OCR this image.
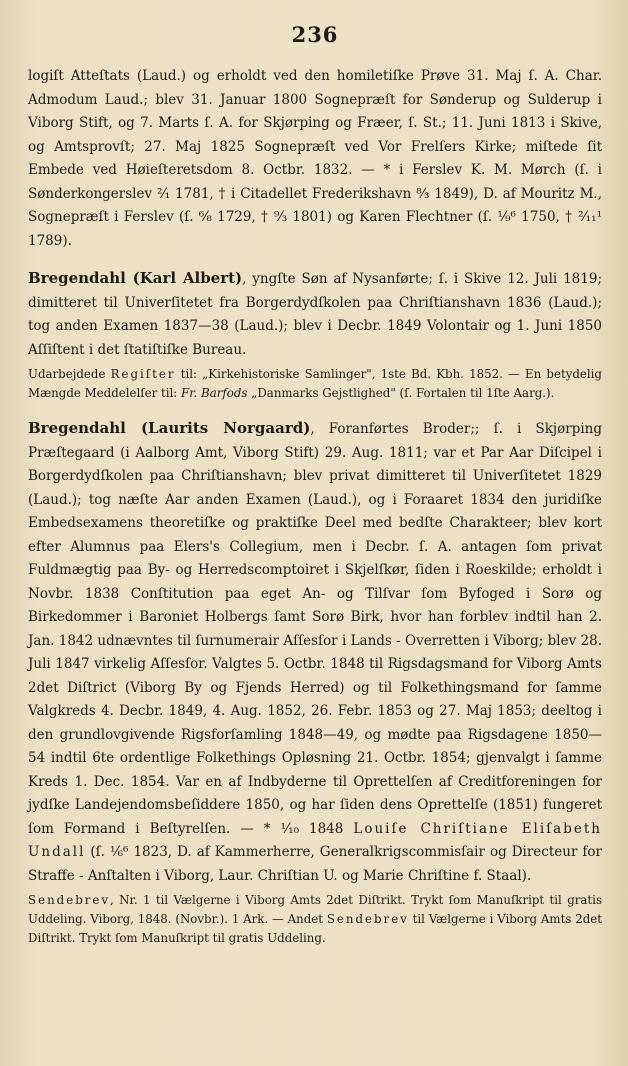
236

logiſt Atteſtats (Laud.) og erholdt ved den homiletiſke Prøve 31. Maj ſ. A. Char. Admodum Laud.; blev 31. Januar 1800 Sognepræſt for Sønderup og Sulderup i Viborg Stift, og 7. Marts ſ. A. for Skjørping og Fræer, ſ. St.; 11. Juni 1813 i Skive, og Amtsprovſt; 27. Maj 1825 Sognepræſt ved Vor Frelſers Kirke; miſtede ſit Embede ved Høieſteretsdom 8. Octbr. 1832. — * i Ferslev K. M. Mørch (ſ. i Sønderkongerslev ²⁄₁ 1781, † i Citadellet Frederikshavn ⁸⁄₃ 1849), D. af Mouritz M., Sognepræſt i Ferslev (ſ. ⁶⁄₈ 1729, † ⁹⁄₃ 1801) og Karen Flechtner (ſ. ¹⁄₉⁶ 1750, † ²⁄₁₁¹ 1789).

Bregendahl (Karl Albert), yngſte Søn af Nysanførte; ſ. i Skive 12. Juli 1819; dimitteret til Univerſitetet fra Borgerdydſkolen paa Chriſtianshavn 1836 (Laud.); tog anden Examen 1837—38 (Laud.); blev i Decbr. 1849 Volontair og 1. Juni 1850 Aſſiſtent i det ſtatiſtiſke Bureau.

Udarbejdede Regiſter til: „Kirkehistoriske Samlinger", 1ste Bd. Kbh. 1852. — En betydelig Mængde Meddelelſer til: Fr. Barfods „Danmarks Gejstlighed" (ſ. Fortalen til 1ſte Aarg.).

Bregendahl (Laurits Norgaard), Foranførtes Broder;; ſ. i Skjørping Præſtegaard (i Aalborg Amt, Viborg Stift) 29. Aug. 1811; var et Par Aar Diſcipel i Borgerdydſkolen paa Chriſtianshavn; blev privat dimitteret til Univerſitetet 1829 (Laud.); tog næſte Aar anden Examen (Laud.), og i Foraaret 1834 den juridiſke Embedsexamens theoretiſke og praktiſke Deel med bedſte Charakteer; blev kort efter Alumnus paa Elers's Collegium, men i Decbr. ſ. A. antagen ſom privat Fuldmægtig paa By- og Herredscomptoiret i Skjelſkør, ſiden i Roeskilde; erholdt i Novbr. 1838 Conſtitution paa eget An- og Tilſvar ſom Byfoged i Sorø og Birkedommer i Baroniet Holbergs ſamt Sorø Birk, hvor han forblev indtil han 2. Jan. 1842 udnævntes til ſurnumerair Aſſesſor i Lands - Overretten i Viborg; blev 28. Juli 1847 virkelig Aſſesſor. Valgtes 5. Octbr. 1848 til Rigsdagsmand for Viborg Amts 2det Diſtrict (Viborg By og Fjends Herred) og til Folkethingsmand for ſamme Valgkreds 4. Decbr. 1849, 4. Aug. 1852, 26. Febr. 1853 og 27. Maj 1853; deeltog i den grundlovgivende Rigsforſamling 1848—49, og mødte paa Rigsdagene 1850—54 indtil 6te ordentlige Folkethings Opløsning 21. Octbr. 1854; gjenvalgt i ſamme Kreds 1. Dec. 1854. Var en af Indbyderne til Oprettelſen af Creditforeningen for jydſke Landejendomsbeſiddere 1850, og har ſiden dens Oprettelſe (1851) fungeret ſom Formand i Beſtyrelſen. — * ¹⁄₁₀ 1848 Louiſe Chriſtiane Eliſabeth Undall (ſ. ¹⁄₆⁶ 1823, D. af Kammerherre, Generalkrigscommisſair og Directeur for Straffe - Anſtalten i Viborg, Laur. Chriſtian U. og Marie Chriſtine f. Staal).

Sendebrev, Nr. 1 til Vælgerne i Viborg Amts 2det Diſtrikt. Trykt ſom Manuſkript til gratis Uddeling. Viborg, 1848. (Novbr.). 1 Ark. — Andet Sendebrev til Vælgerne i Viborg Amts 2det Diſtrikt. Trykt ſom Manuſkript til gratis Uddeling.
